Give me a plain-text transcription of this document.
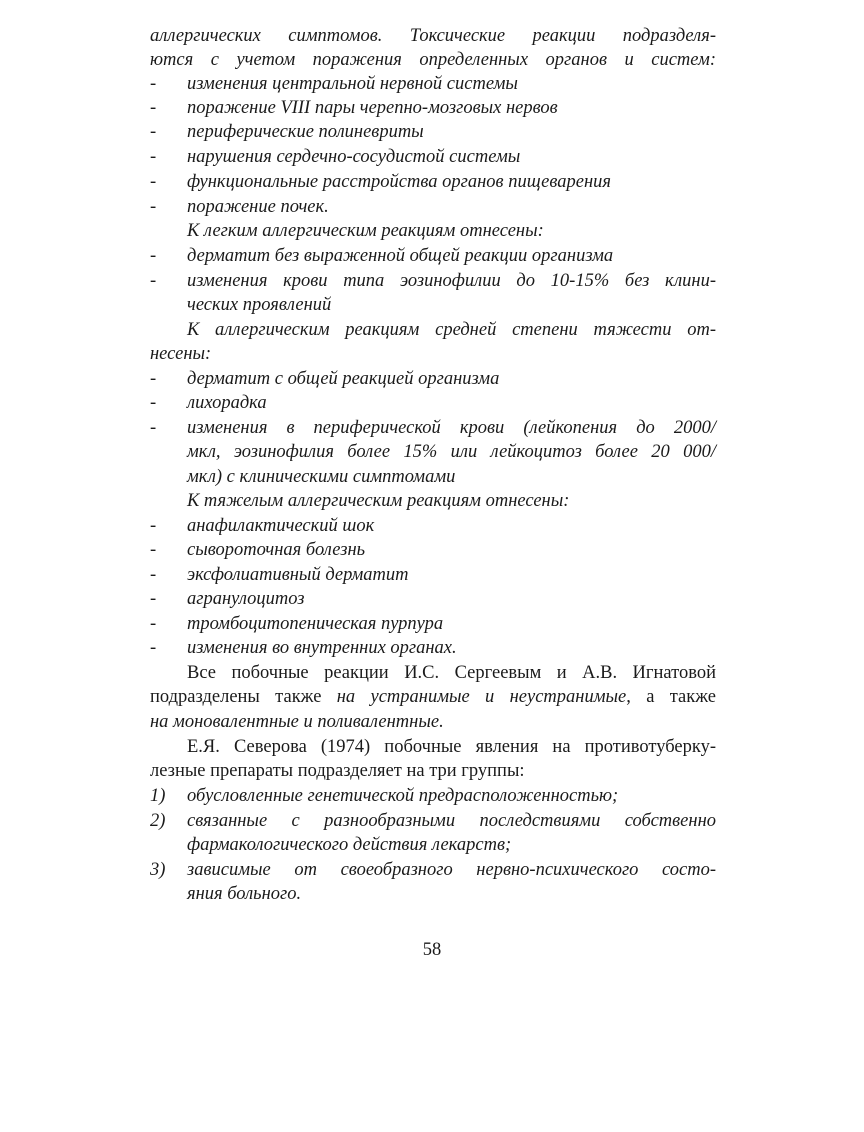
аллергических симптомов. Токсические реакции подразделя-
ются с учетом поражения определенных органов и систем:
-	изменения центральной нервной системы
-	поражение VIII пары черепно-мозговых нервов
-	периферические полиневриты
-	нарушения сердечно-сосудистой системы
-	функциональные расстройства органов пищеварения
-	поражение почек.
К легким аллергическим реакциям отнесены:
-	дерматит без выраженной общей реакции организма
-	изменения крови типа эозинофилии до 10-15% без клини-
ческих проявлений
К аллергическим реакциям средней степени тяжести от-
несены:
-	дерматит с общей реакцией организма
-	лихорадка
-	изменения в периферической крови (лейкопения до 2000/
мкл, эозинофилия более 15% или лейкоцитоз более 20 000/
мкл) с клиническими симптомами
К тяжелым аллергическим реакциям отнесены:
-	анафилактический шок
-	сывороточная болезнь
-	эксфолиативный дерматит
-	агранулоцитоз
-	тромбоцитопеническая пурпура
-	изменения во внутренних органах.
Все побочные реакции И.С. Сергеевым и А.В. Игнатовой
подразделены также на устранимые и неустранимые, а также
на моновалентные и поливалентные.
Е.Я. Северова (1974) побочные явления на противотуберку-
лезные препараты подразделяет на три группы:
1)	обусловленные генетической предрасположенностью;
2)	связанные с разнообразными последствиями собственно
фармакологического действия лекарств;
3)	зависимые от своеобразного нервно-психического состо-
яния больного.
58
